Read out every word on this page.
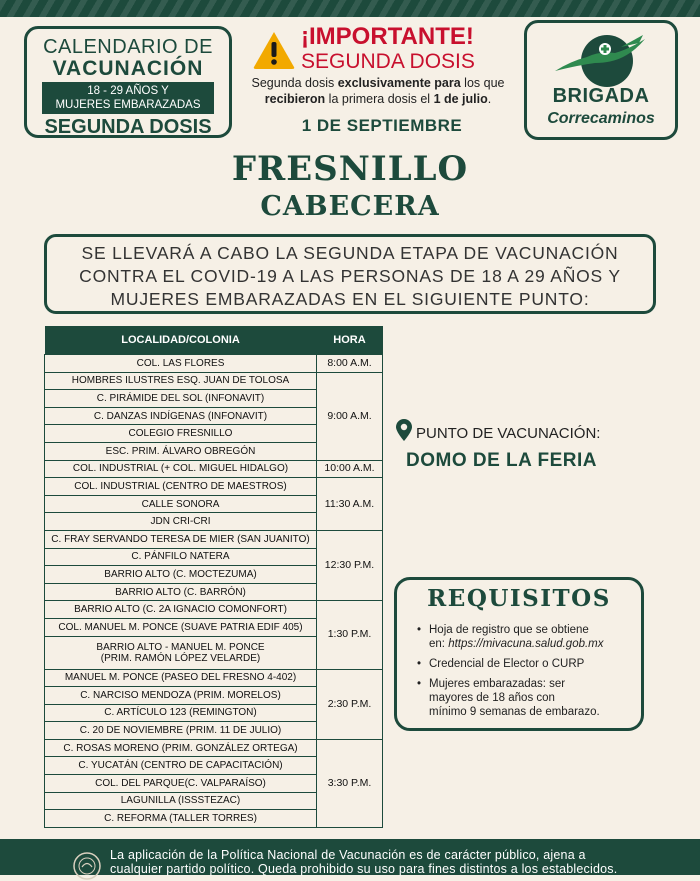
CALENDARIO DE
VACUNACIÓN
18 - 29 AÑOS Y
MUJERES EMBARAZADAS
SEGUNDA DOSIS
¡IMPORTANTE!
SEGUNDA DOSIS
Segunda dosis exclusivamente para los que
recibieron la primera dosis el 1 de julio.
1 DE SEPTIEMBRE
BRIGADA
Correcaminos
FRESNILLO
CABECERA
SE LLEVARÁ A CABO LA SEGUNDA ETAPA DE VACUNACIÓN
CONTRA EL COVID-19 A LAS PERSONAS DE 18 A 29 AÑOS Y
MUJERES EMBARAZADAS EN EL SIGUIENTE PUNTO:
LOCALIDAD/COLONIA	HORA
COL. LAS FLORES	8:00 A.M.
HOMBRES ILUSTRES ESQ. JUAN DE TOLOSA	9:00 A.M.
C. PIRÁMIDE DEL SOL (INFONAVIT)	
C. DANZAS INDÍGENAS (INFONAVIT)	
COLEGIO FRESNILLO	
ESC. PRIM. ÁLVARO OBREGÓN	
COL. INDUSTRIAL (+ COL. MIGUEL HIDALGO)	10:00 A.M.
COL. INDUSTRIAL (CENTRO DE MAESTROS)	11:30 A.M.
CALLE SONORA	
JDN CRI-CRI	
C. FRAY SERVANDO TERESA DE MIER (SAN JUANITO)	12:30 P.M.
C. PÁNFILO NATERA	
BARRIO ALTO (C. MOCTEZUMA)	
BARRIO ALTO (C. BARRÓN)	
BARRIO ALTO (C. 2A IGNACIO COMONFORT)	1:30 P.M.
COL. MANUEL M. PONCE (SUAVE PATRIA EDIF 405)	
BARRIO ALTO - MANUEL M. PONCE
(PRIM. RAMÓN LÓPEZ VELARDE)	
MANUEL M. PONCE (PASEO DEL FRESNO 4-402)	2:30 P.M.
C. NARCISO MENDOZA (PRIM. MORELOS)	
C. ARTÍCULO 123 (REMINGTON)	
C. 20 DE NOVIEMBRE (PRIM. 11 DE JULIO)	
C. ROSAS MORENO (PRIM. GONZÁLEZ ORTEGA)	3:30 P.M.
C. YUCATÁN (CENTRO DE CAPACITACIÓN)	
COL. DEL PARQUE(C. VALPARAÍSO)	
LAGUNILLA (ISSSTEZAC)	
C. REFORMA (TALLER TORRES)	
PUNTO DE VACUNACIÓN:
DOMO DE LA FERIA
REQUISITOS
• Hoja de registro que se obtiene
en: https://mivacuna.salud.gob.mx
• Credencial de Elector o CURP
• Mujeres embarazadas: ser
mayores de 18 años con
mínimo 9 semanas de embarazo.
La aplicación de la Política Nacional de Vacunación es de carácter público, ajena a
cualquier partido político. Queda prohibido su uso para fines distintos a los establecidos.
